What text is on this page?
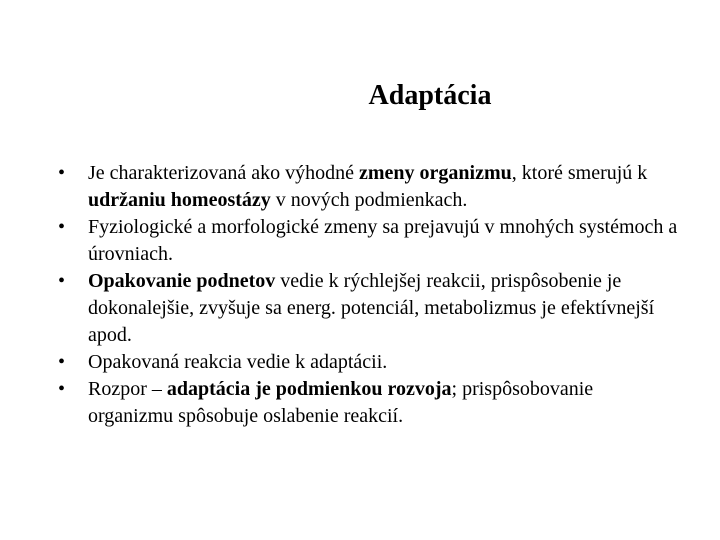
Adaptácia
•	Je charakterizovaná ako výhodné zmeny organizmu, ktoré smerujú k udržaniu homeostázy v nových podmienkach.
•	Fyziologické a morfologické zmeny sa prejavujú v mnohých systémoch a úrovniach.
•	Opakovanie podnetov vedie k rýchlejšej reakcii, prispôsobenie je dokonalejšie, zvyšuje sa energ. potenciál, metabolizmus je efektívnejší apod.
•	Opakovaná reakcia vedie k adaptácii.
•	Rozpor – adaptácia je podmienkou rozvoja; prispôsobovanie organizmu spôsobuje oslabenie reakcií.
